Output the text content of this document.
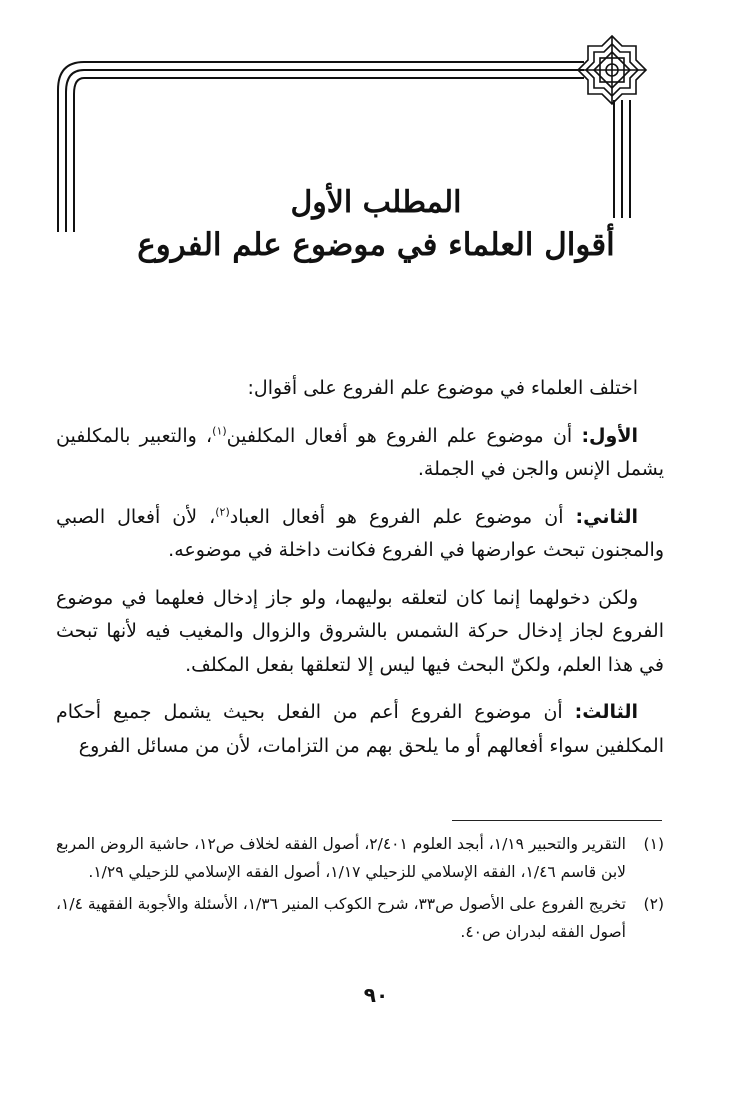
المطلب الأول
أقوال العلماء في موضوع علم الفروع

اختلف العلماء في موضوع علم الفروع على أقوال:

الأول: أن موضوع علم الفروع هو أفعال المكلفين$^{(١)}$، والتعبير بالمكلفين يشمل الإنس والجن في الجملة.

الثاني: أن موضوع علم الفروع هو أفعال العباد$^{(٢)}$، لأن أفعال الصبي والمجنون تبحث عوارضها في الفروع فكانت داخلة في موضوعه.

ولكن دخولهما إنما كان لتعلقه بوليهما، ولو جاز إدخال فعلهما في موضوع الفروع لجاز إدخال حركة الشمس بالشروق والزوال والمغيب فيه لأنها تبحث في هذا العلم، ولكنّ البحث فيها ليس إلا لتعلقها بفعل المكلف.

الثالث: أن موضوع الفروع أعم من الفعل بحيث يشمل جميع أحكام المكلفين سواء أفعالهم أو ما يلحق بهم من التزامات، لأن من مسائل الفروع

(١)
التقرير والتحبير ١/١٩، أبجد العلوم ٢/٤٠١، أصول الفقه لخلاف ص١٢، حاشية الروض المربع لابن قاسم ١/٤٦، الفقه الإسلامي للزحيلي ١/١٧، أصول الفقه الإسلامي للزحيلي ١/٢٩.
(٢)
تخريج الفروع على الأصول ص٣٣، شرح الكوكب المنير ١/٣٦، الأسئلة والأجوبة الفقهية ١/٤، أصول الفقه لبدران ص٤٠.
٩٠
